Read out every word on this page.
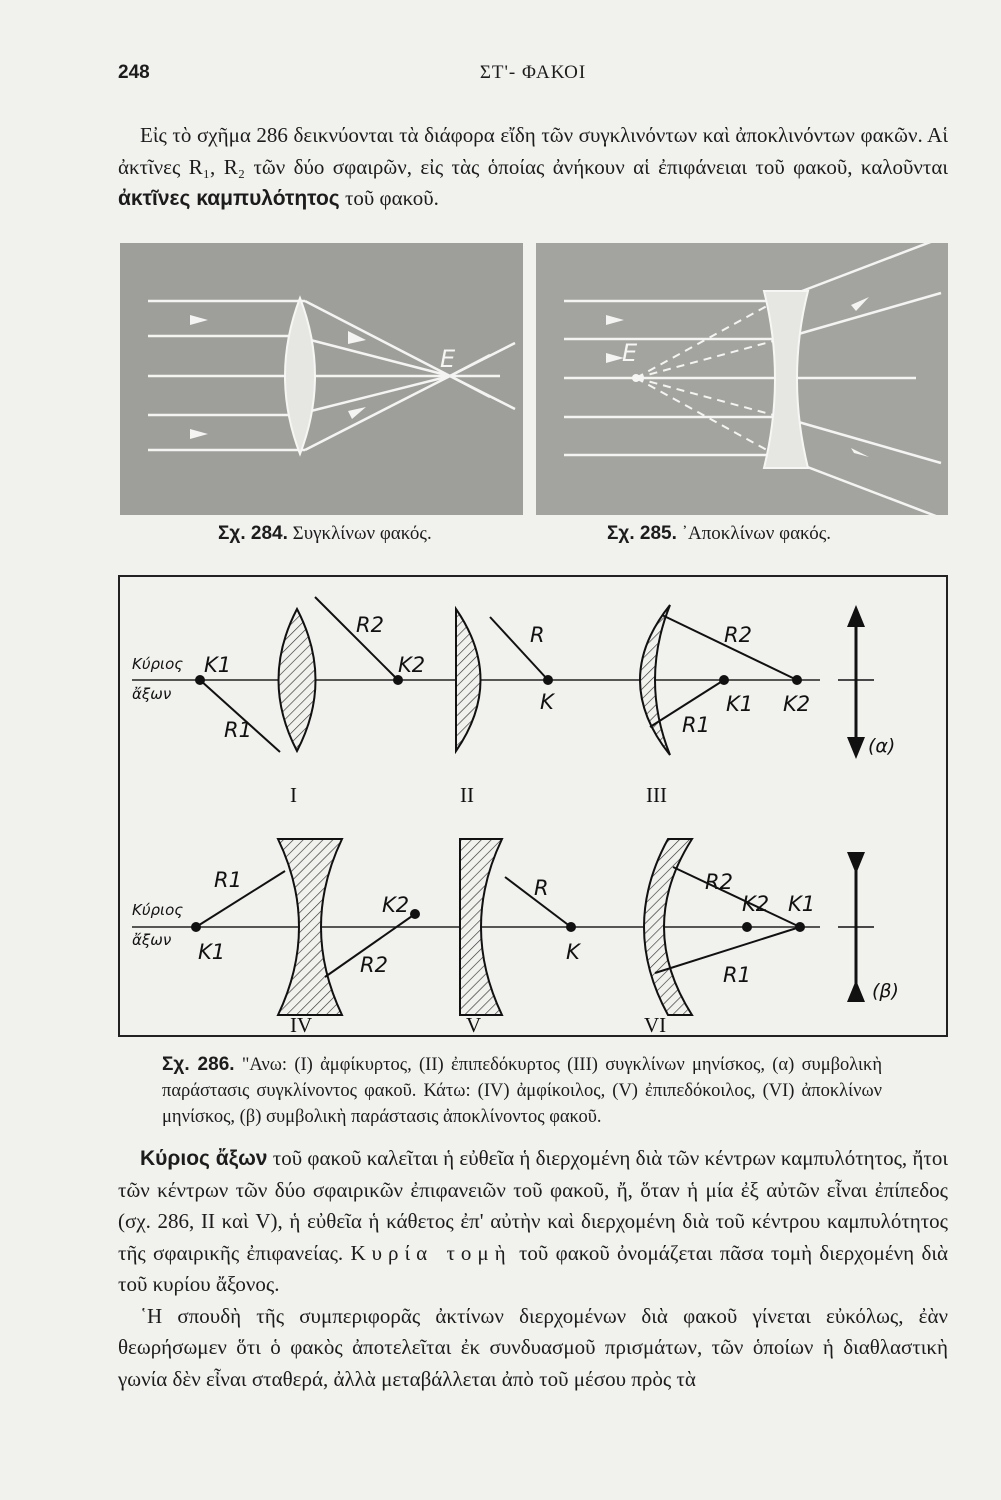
248	ΣΤ'- ΦΑΚΟΙ

Εἰς τὸ σχῆμα 286 δεικνύονται τὰ διάφορα εἴδη τῶν συγκλινόντων καὶ ἀποκλινόντων φακῶν. Αἱ ἀκτῖνες R₁, R₂ τῶν δύο σφαιρῶν, εἰς τὰς ὁποίας ἀνήκουν αἱ ἐπιφάνειαι τοῦ φακοῦ, καλοῦνται ἀκτῖνες καμπυλότητος τοῦ φακοῦ.

E	E
Σχ. 284. Συγκλίνων φακός.	Σχ. 285. ᾿Αποκλίνων φακός.
Κύριος
ἄξων
Κύριος
ἄξων
K1	K2
R1
R2
I
R
K
II
R2
R1
K1 K2
III
(α)
K1
R1
K2
R2
IV
R
K
V
R2
K2 K1
R1
VI
(β)
Σχ. 286. "Ανω: (I) ἀμφίκυρτος, (II) ἐπιπεδόκυρτος (III) συγκλίνων μηνίσκος, (α) συμβολικὴ παράστασις συγκλίνοντος φακοῦ. Κάτω: (IV) ἀμφίκοιλος, (V) ἐπιπεδόκοιλος, (VI) ἀποκλίνων μηνίσκος, (β) συμβολικὴ παράστασις ἀποκλίνοντος φακοῦ.

Κύριος ἄξων τοῦ φακοῦ καλεῖται ἡ εὐθεῖα ἡ διερχομένη διὰ τῶν κέντρων καμπυλότητος, ἤτοι τῶν κέντρων τῶν δύο σφαιρικῶν ἐπιφανειῶν τοῦ φακοῦ, ἤ, ὅταν ἡ μία ἐξ αὐτῶν εἶναι ἐπίπεδος (σχ. 286, II καὶ V), ἡ εὐθεῖα ἡ κάθετος ἐπ' αὐτὴν καὶ διερχομένη διὰ τοῦ κέντρου καμπυλότητος τῆς σφαιρικῆς ἐπιφανείας. Κυρία τομὴ τοῦ φακοῦ ὀνομάζεται πᾶσα τομὴ διερχομένη διὰ τοῦ κυρίου ἄξονος.

῾Η σπουδὴ τῆς συμπεριφορᾶς ἀκτίνων διερχομένων διὰ φακοῦ γίνεται εὐκόλως, ἐὰν θεωρήσωμεν ὅτι ὁ φακὸς ἀποτελεῖται ἐκ συνδυασμοῦ πρισμάτων, τῶν ὁποίων ἡ διαθλαστικὴ γωνία δὲν εἶναι σταθερά, ἀλλὰ μεταβάλλεται ἀπὸ τοῦ μέσου πρὸς τὰ
